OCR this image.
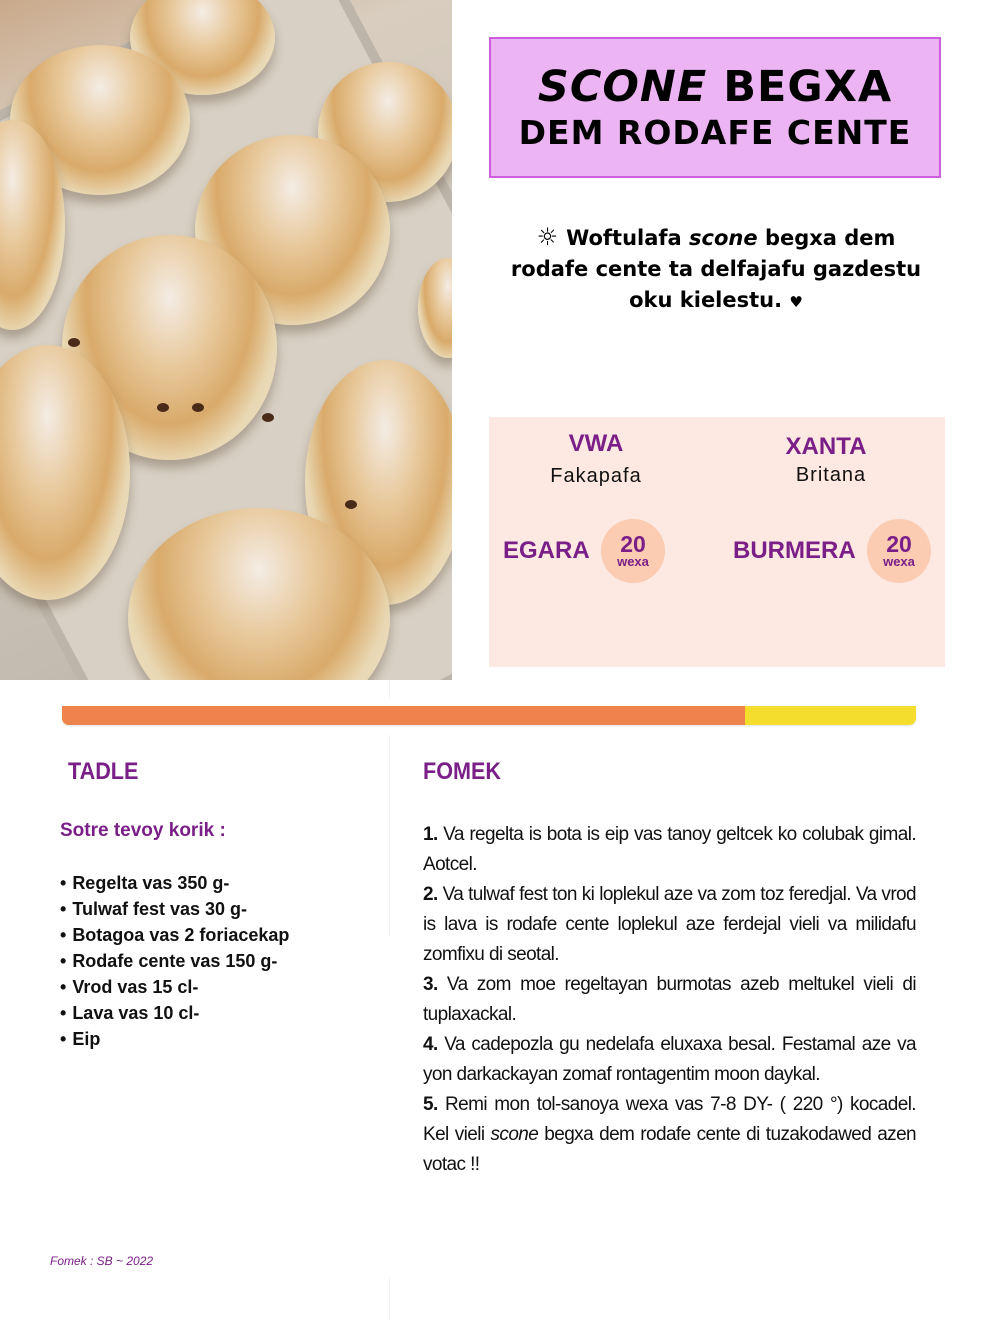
SCONE BEGXA
DEM RODAFE CENTE
☼ Woftulafa scone begxa dem rodafe cente ta delfajafu gazdestu oku kielestu. ♥
VWA
Fakapafa
XANTA
Britana
EGARA 20
wexa	BURMERA 20
wexa
TADLE
Sotre tevoy korik :
• Regelta vas 350 g-
• Tulwaf fest vas 30 g-
• Botagoa vas 2 foriacekap
• Rodafe cente vas 150 g-
• Vrod vas 15 cl-
• Lava vas 10 cl-
• Eip
FOMEK

1. Va regelta is bota is eip vas tanoy geltcek ko colubak gimal. Aotcel.

2. Va tulwaf fest ton ki loplekul aze va zom toz feredjal. Va vrod is lava is rodafe cente loplekul aze ferdejal vieli va milidafu zomfixu di seotal.

3. Va zom moe regeltayan burmotas azeb meltukel vieli di tuplaxackal.

4. Va cadepozla gu nedelafa eluxaxa besal. Festamal aze va yon darkackayan zomaf rontagentim moon daykal.

5. Remi mon tol-sanoya wexa vas 7-8 DY- ( 220 °) kocadel. Kel vieli scone begxa dem rodafe cente di tuzakodawed azen votac !!

Fomek : SB ~ 2022
